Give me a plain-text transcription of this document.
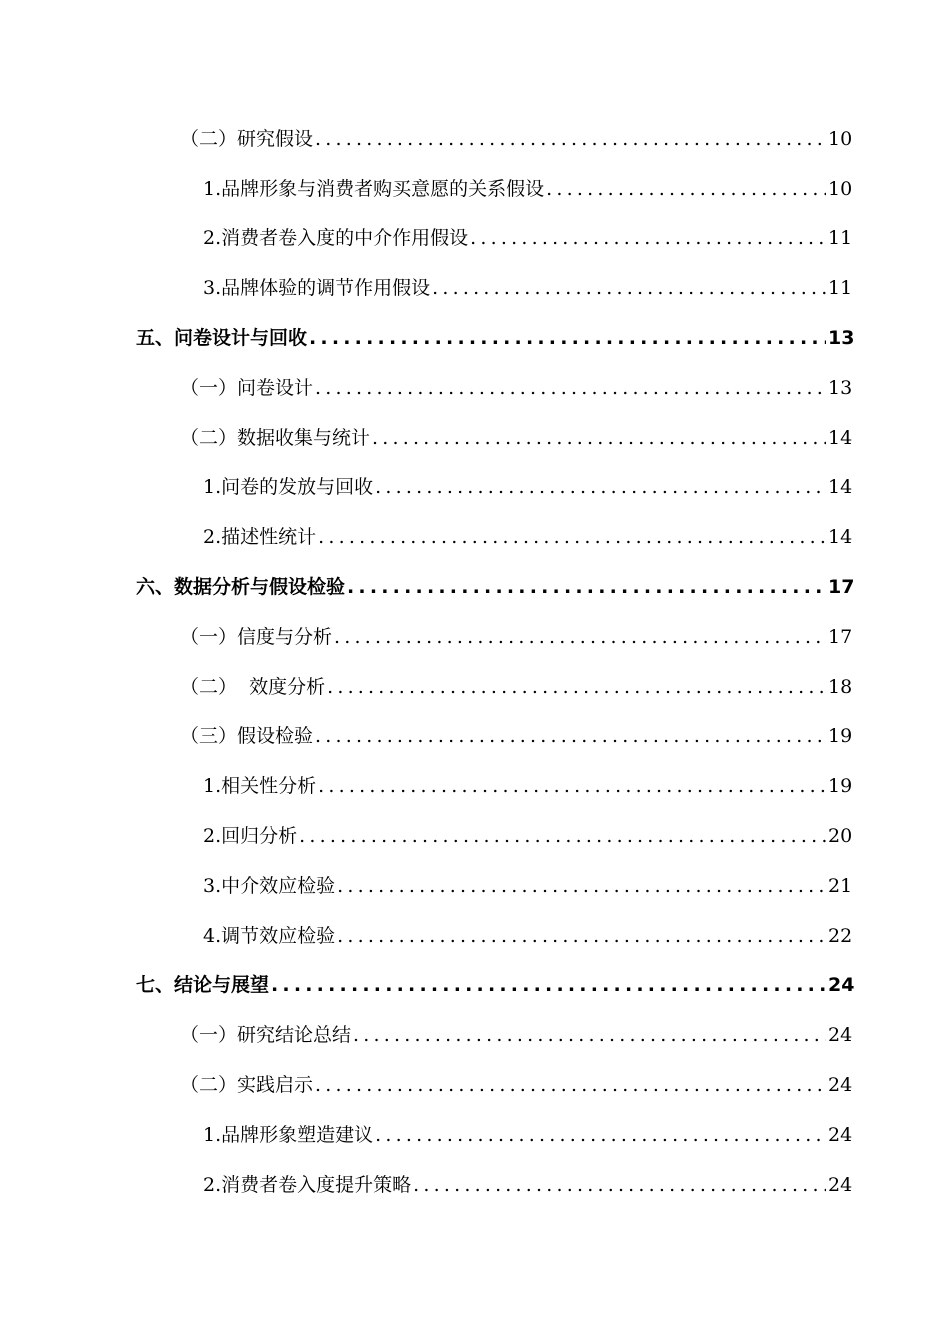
（二）研究假设 .....	10
1. 品牌形象与消费者购买意愿的关系假设 .....	10
2. 消费者卷入度的中介作用假设 .....	11
3. 品牌体验的调节作用假设 .....	11
五、问卷设计与回收 .....	13
（一）问卷设计 .....	13
（二）数据收集与统计 .....	14
1. 问卷的发放与回收 .....	14
2. 描述性统计 .....	14
六、数据分析与假设检验 .....	17
（一）信度与分析 .....	17
（二）  效度分析 .....	18
（三）假设检验 .....	19
1. 相关性分析 .....	19
2. 回归分析 .....	20
3. 中介效应检验 .....	21
4. 调节效应检验 .....	22
七、结论与展望 .....	24
（一）研究结论总结 .....	24
（二）实践启示 .....	24
1. 品牌形象塑造建议 .....	24
2. 消费者卷入度提升策略 .....	24
